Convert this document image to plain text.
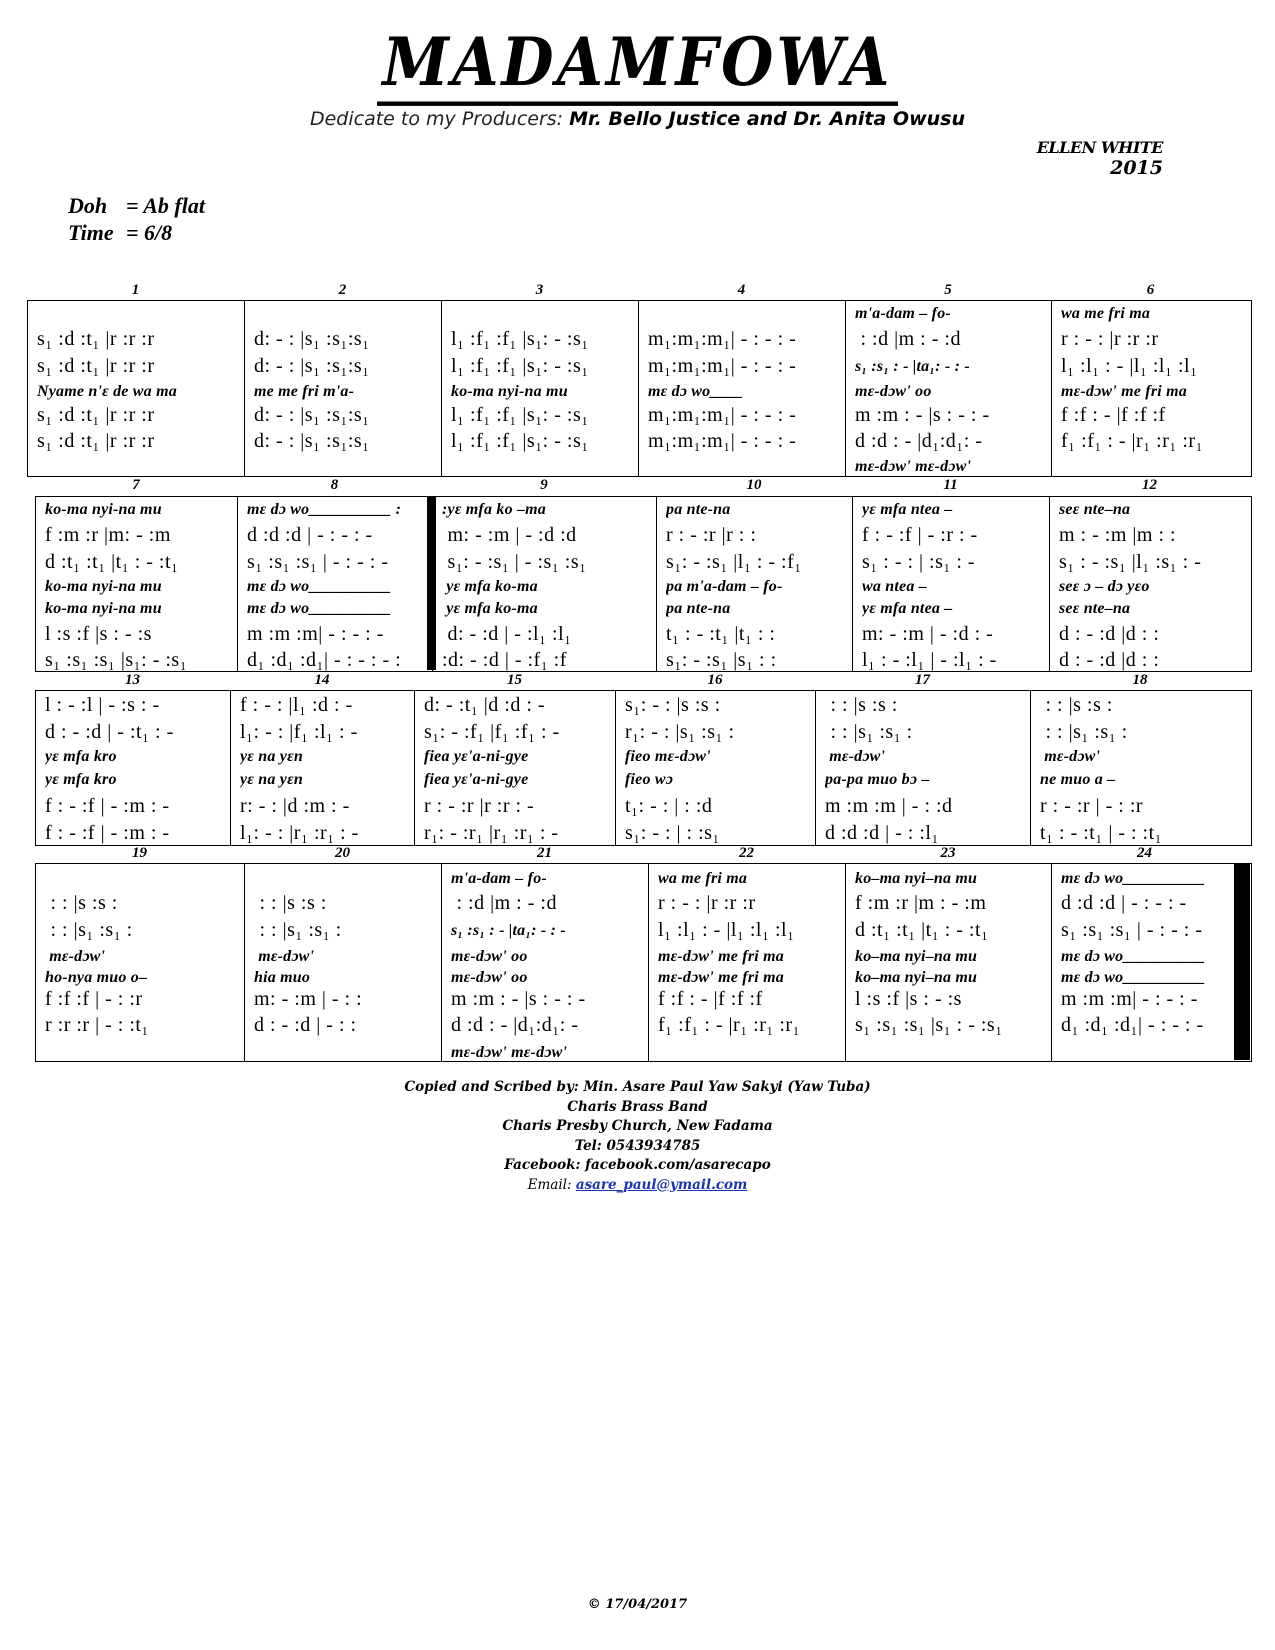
MADAMFOWA
Dedicate to my Producers: Mr. Bello Justice and Dr. Anita Owusu
ELLEN WHITE
2015
Doh = Ab flat
Time = 6/8
1
s₁ :d :t₁ |r :r :r
s₁ :d :t₁ |r :r :r
Nyame n'ɛ de wa ma
s₁ :d :t₁ |r :r :r
s₁ :d :t₁ |r :r :r
2
d: - : |s₁ :s₁:s₁
d: - : |s₁ :s₁:s₁
me me fri m'a-
d: - : |s₁ :s₁:s₁
d: - : |s₁ :s₁:s₁
3
l₁ :f₁ :f₁ |s₁: - :s₁
l₁ :f₁ :f₁ |s₁: - :s₁
ko-ma nyi-na mu
l₁ :f₁ :f₁ |s₁: - :s₁
l₁ :f₁ :f₁ |s₁: - :s₁
4
m₁:m₁:m₁| - : - : -
m₁:m₁:m₁| - : - : -
mɛ dɔ wo____
m₁:m₁:m₁| - : - : -
m₁:m₁:m₁| - : - : -
5
m'a-dam – fo-
: :d |m : - :d
s₁ :s₁ : - |ta₁: - : -
mɛ-dɔw' oo
m :m : - |s : - : -
d :d : - |d₁:d₁: -
mɛ-dɔw' mɛ-dɔw'
6
wa me fri ma
r : - : |r :r :r
l₁ :l₁ : - |l₁ :l₁ :l₁
mɛ-dɔw' me fri ma
f :f : - |f :f :f
f₁ :f₁ : - |r₁ :r₁ :r₁
7
ko-ma nyi-na mu
f :m :r |m: - :m
d :t₁ :t₁ |t₁ : - :t₁
ko-ma nyi-na mu
ko-ma nyi-na mu
l :s :f |s : - :s
s₁ :s₁ :s₁ |s₁: - :s₁
8
mɛ dɔ wo__________ :
d :d :d | - : - : -
s₁ :s₁ :s₁ | - : - : -
mɛ dɔ wo__________
mɛ dɔ wo__________
m :m :m| - : - : -
d₁ :d₁ :d₁| - : - : - :
9
:yɛ mfa ko –ma
m: - :m | - :d :d
s₁: - :s₁ | - :s₁ :s₁
yɛ mfa ko-ma
yɛ mfa ko-ma
d: - :d | - :l₁ :l₁
:d: - :d | - :f₁ :f
10
pa nte-na
r : - :r |r : :
s₁: - :s₁ |l₁ : - :f₁
pa m'a-dam – fo-
pa nte-na
t₁ : - :t₁ |t₁ : :
s₁: - :s₁ |s₁ : :
11
yɛ mfa ntea –
f : - :f | - :r : -
s₁ : - : | :s₁ : -
wa ntea –
yɛ mfa ntea –
m: - :m | - :d : -
l₁ : - :l₁ | - :l₁ : -
12
seɛ nte–na
m : - :m |m : :
s₁ : - :s₁ |l₁ :s₁ : -
seɛ ɔ – dɔ yɛo
seɛ nte–na
d : - :d |d : :
d : - :d |d : :
13
l : - :l | - :s : -
d : - :d | - :t₁ : -
yɛ mfa kro
yɛ mfa kro
f : - :f | - :m : -
f : - :f | - :m : -
14
f : - : |l₁ :d : -
l₁: - : |f₁ :l₁ : -
yɛ na yɛn
yɛ na yɛn
r: - : |d :m : -
l₁: - : |r₁ :r₁ : -
15
d: - :t₁ |d :d : -
s₁: - :f₁ |f₁ :f₁ : -
fiea yɛ'a-ni-gye
fiea yɛ'a-ni-gye
r : - :r |r :r : -
r₁: - :r₁ |r₁ :r₁ : -
16
s₁: - : |s :s :
r₁: - : |s₁ :s₁ :
fieo mɛ-dɔw'
fieo wɔ
t₁: - : | : :d
s₁: - : | : :s₁
17
: : |s :s :
: : |s₁ :s₁ :
mɛ-dɔw'
pa-pa muo bɔ –
m :m :m | - : :d
d :d :d | - : :l₁
18
: : |s :s :
: : |s₁ :s₁ :
mɛ-dɔw'
ne muo a –
r : - :r | - : :r
t₁ : - :t₁ | - : :t₁
19
: : |s :s :
: : |s₁ :s₁ :
mɛ-dɔw'
ho-nya muo o–
f :f :f | - : :r
r :r :r | - : :t₁
20
: : |s :s :
: : |s₁ :s₁ :
mɛ-dɔw'
hia muo
m: - :m | - : :
d : - :d | - : :
21
m'a-dam – fo-
: :d |m : - :d
s₁ :s₁ : - |ta₁: - : -
mɛ-dɔw' oo
mɛ-dɔw' oo
m :m : - |s : - : -
d :d : - |d₁:d₁: -
mɛ-dɔw' mɛ-dɔw'
22
wa me fri ma
r : - : |r :r :r
l₁ :l₁ : - |l₁ :l₁ :l₁
mɛ-dɔw' me fri ma
mɛ-dɔw' me fri ma
f :f : - |f :f :f
f₁ :f₁ : - |r₁ :r₁ :r₁
23
ko–ma nyi–na mu
f :m :r |m : - :m
d :t₁ :t₁ |t₁ : - :t₁
ko–ma nyi–na mu
ko–ma nyi–na mu
l :s :f |s : - :s
s₁ :s₁ :s₁ |s₁ : - :s₁
24
mɛ dɔ wo__________
d :d :d | - : - : -
s₁ :s₁ :s₁ | - : - : -
mɛ dɔ wo__________
mɛ dɔ wo__________
m :m :m| - : - : -
d₁ :d₁ :d₁| - : - : -
Copied and Scribed by: Min. Asare Paul Yaw Sakyi (Yaw Tuba)
Charis Brass Band
Charis Presby Church, New Fadama
Tel: 0543934785
Facebook: facebook.com/asarecapo
Email: asare_paul@ymail.com
© 17/04/2017
